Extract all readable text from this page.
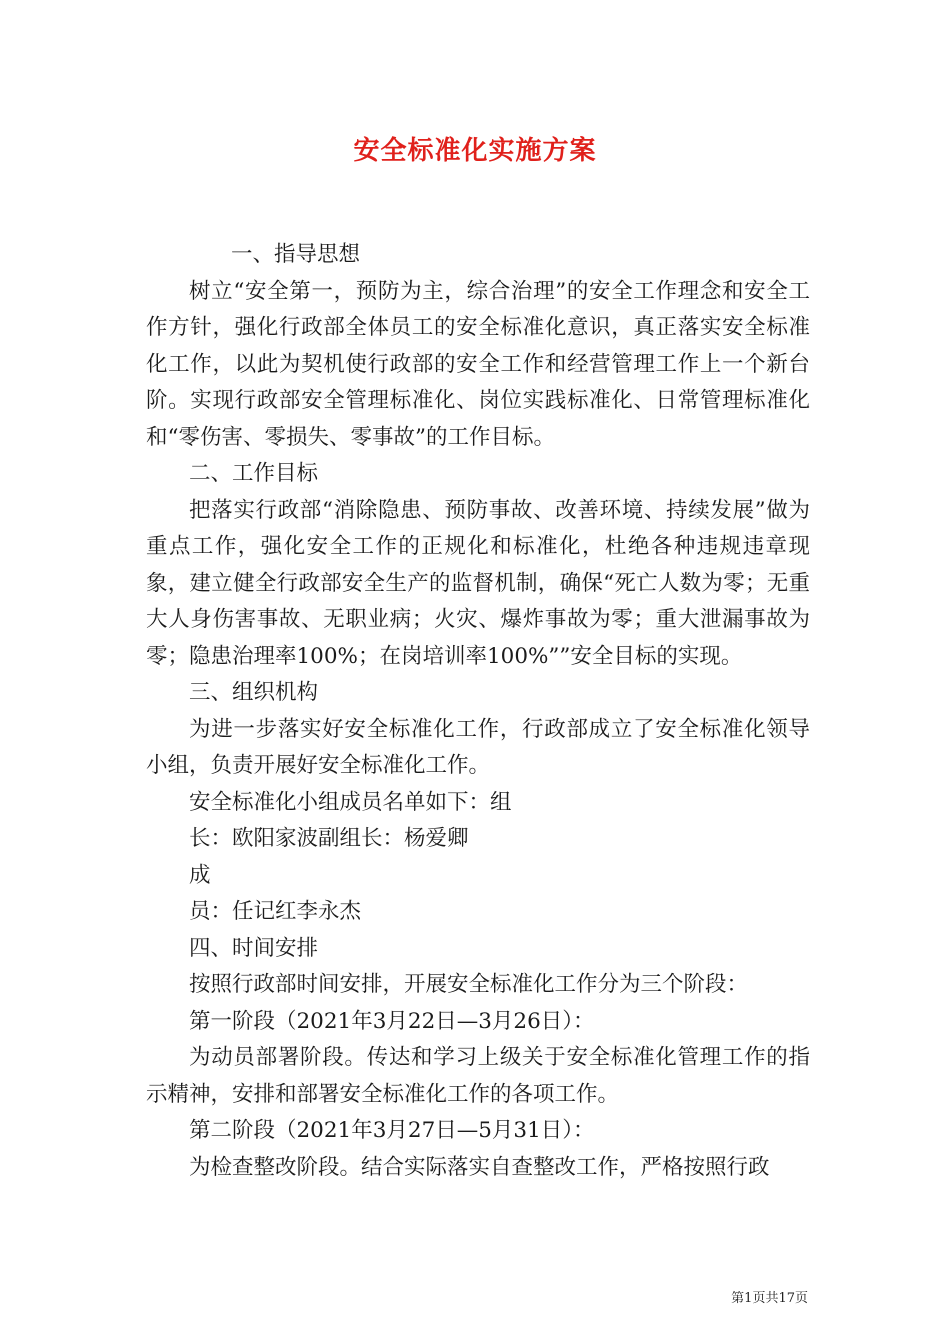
安全标准化实施方案

一、指导思想

树立“安全第一，预防为主，综合治理”的安全工作理念和安全工作方针，强化行政部全体员工的安全标准化意识，真正落实安全标准化工作，以此为契机使行政部的安全工作和经营管理工作上一个新台阶。实现行政部安全管理标准化、岗位实践标准化、日常管理标准化和“零伤害、零损失、零事故”的工作目标。

二、工作目标

把落实行政部“消除隐患、预防事故、改善环境、持续发展”做为重点工作，强化安全工作的正规化和标准化，杜绝各种违规违章现象，建立健全行政部安全生产的监督机制，确保“死亡人数为零；无重大人身伤害事故、无职业病；火灾、爆炸事故为零；重大泄漏事故为零；隐患治理率100%；在岗培训率100%””安全目标的实现。

三、组织机构

为进一步落实好安全标准化工作，行政部成立了安全标准化领导小组，负责开展好安全标准化工作。

安全标准化小组成员名单如下：组

长：欧阳家波副组长：杨爱卿

成

员：任记红李永杰

四、时间安排

按照行政部时间安排，开展安全标准化工作分为三个阶段：

第一阶段（2021年3月22日—3月26日）：

为动员部署阶段。传达和学习上级关于安全标准化管理工作的指示精神，安排和部署安全标准化工作的各项工作。

第二阶段（2021年3月27日—5月31日）：

为检查整改阶段。结合实际落实自查整改工作，严格按照行政

第1页共17页
